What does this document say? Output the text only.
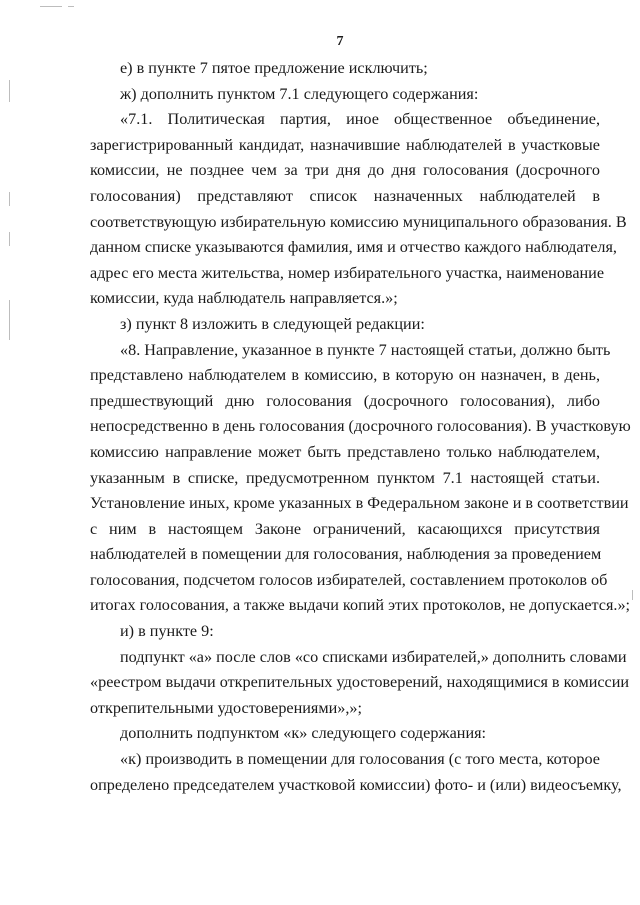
7
е) в пункте 7 пятое предложение исключить;
ж) дополнить пунктом 7.1 следующего содержания:
«7.1. Политическая партия, иное общественное объединение,
зарегистрированный кандидат, назначившие наблюдателей в участковые
комиссии, не позднее чем за три дня до дня голосования (досрочного
голосования) представляют список назначенных наблюдателей в
соответствующую избирательную комиссию муниципального образования. В
данном списке указываются фамилия, имя и отчество каждого наблюдателя,
адрес его места жительства, номер избирательного участка, наименование
комиссии, куда наблюдатель направляется.»;
з) пункт 8 изложить в следующей редакции:
«8. Направление, указанное в пункте 7 настоящей статьи, должно быть
представлено наблюдателем в комиссию, в которую он назначен, в день,
предшествующий дню голосования (досрочного голосования), либо
непосредственно в день голосования (досрочного голосования). В участковую
комиссию направление может быть представлено только наблюдателем,
указанным в списке, предусмотренном пунктом 7.1 настоящей статьи.
Установление иных, кроме указанных в Федеральном законе и в соответствии
с ним в настоящем Законе ограничений, касающихся присутствия
наблюдателей в помещении для голосования, наблюдения за проведением
голосования, подсчетом голосов избирателей, составлением протоколов об
итогах голосования, а также выдачи копий этих протоколов, не допускается.»;
и) в пункте 9:
подпункт «а» после слов «со списками избирателей,» дополнить словами
«реестром выдачи открепительных удостоверений, находящимися в комиссии
открепительными удостоверениями»,»;
дополнить подпунктом «к» следующего содержания:
«к) производить в помещении для голосования (с того места, которое
определено председателем участковой комиссии) фото- и (или) видеосъемку,
